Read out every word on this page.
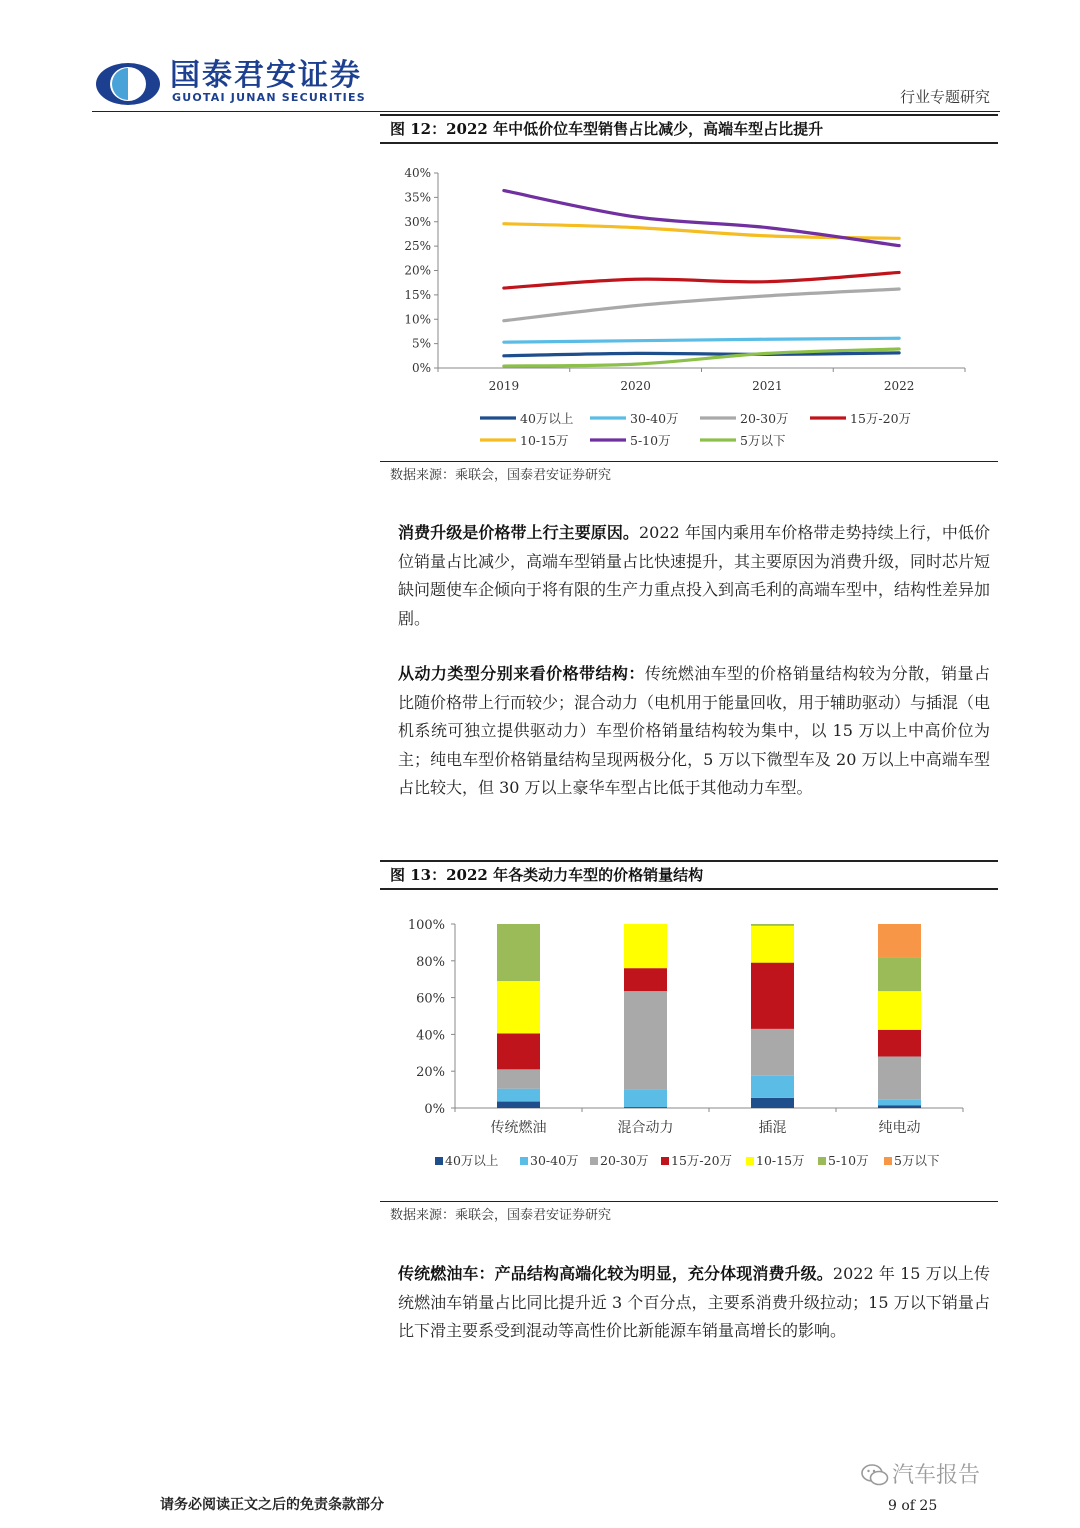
国泰君安证券
GUOTAI JUNAN SECURITIES	行业专题研究
图 12：2022 年中低价位车型销售占比减少，高端车型占比提升
0%
5%
10%
15%
20%
25%
30%
35%
40%
2019	2020	2021	2022
40万以上	30-40万	20-30万	15万-20万
10-15万	5-10万	5万以下
数据来源：乘联会，国泰君安证券研究
消费升级是价格带上行主要原因。2022 年国内乘用车价格带走势持续上行，中低价位销量占比减少，高端车型销量占比快速提升，其主要原因为消费升级，同时芯片短缺问题使车企倾向于将有限的生产力重点投入到高毛利的高端车型中，结构性差异加剧。
从动力类型分别来看价格带结构：传统燃油车型的价格销量结构较为分散，销量占比随价格带上行而较少；混合动力（电机用于能量回收，用于辅助驱动）与插混（电机系统可独立提供驱动力）车型价格销量结构较为集中，以 15 万以上中高价位为主；纯电车型价格销量结构呈现两极分化，5 万以下微型车及 20 万以上中高端车型占比较大，但 30 万以上豪华车型占比低于其他动力车型。
图 13：2022 年各类动力车型的价格销量结构
0%
20%
40%
60%
80%
100%
传统燃油	混合动力	插混	纯电动
40万以上	30-40万 20-30万 15万-20万 10-15万 5-10万 5万以下
数据来源：乘联会，国泰君安证券研究
传统燃油车：产品结构高端化较为明显，充分体现消费升级。2022 年 15 万以上传统燃油车销量占比同比提升近 3 个百分点，主要系消费升级拉动；15 万以下销量占比下滑主要系受到混动等高性价比新能源车销量高增长的影响。
汽车报告
请务必阅读正文之后的免责条款部分	9 of 25
